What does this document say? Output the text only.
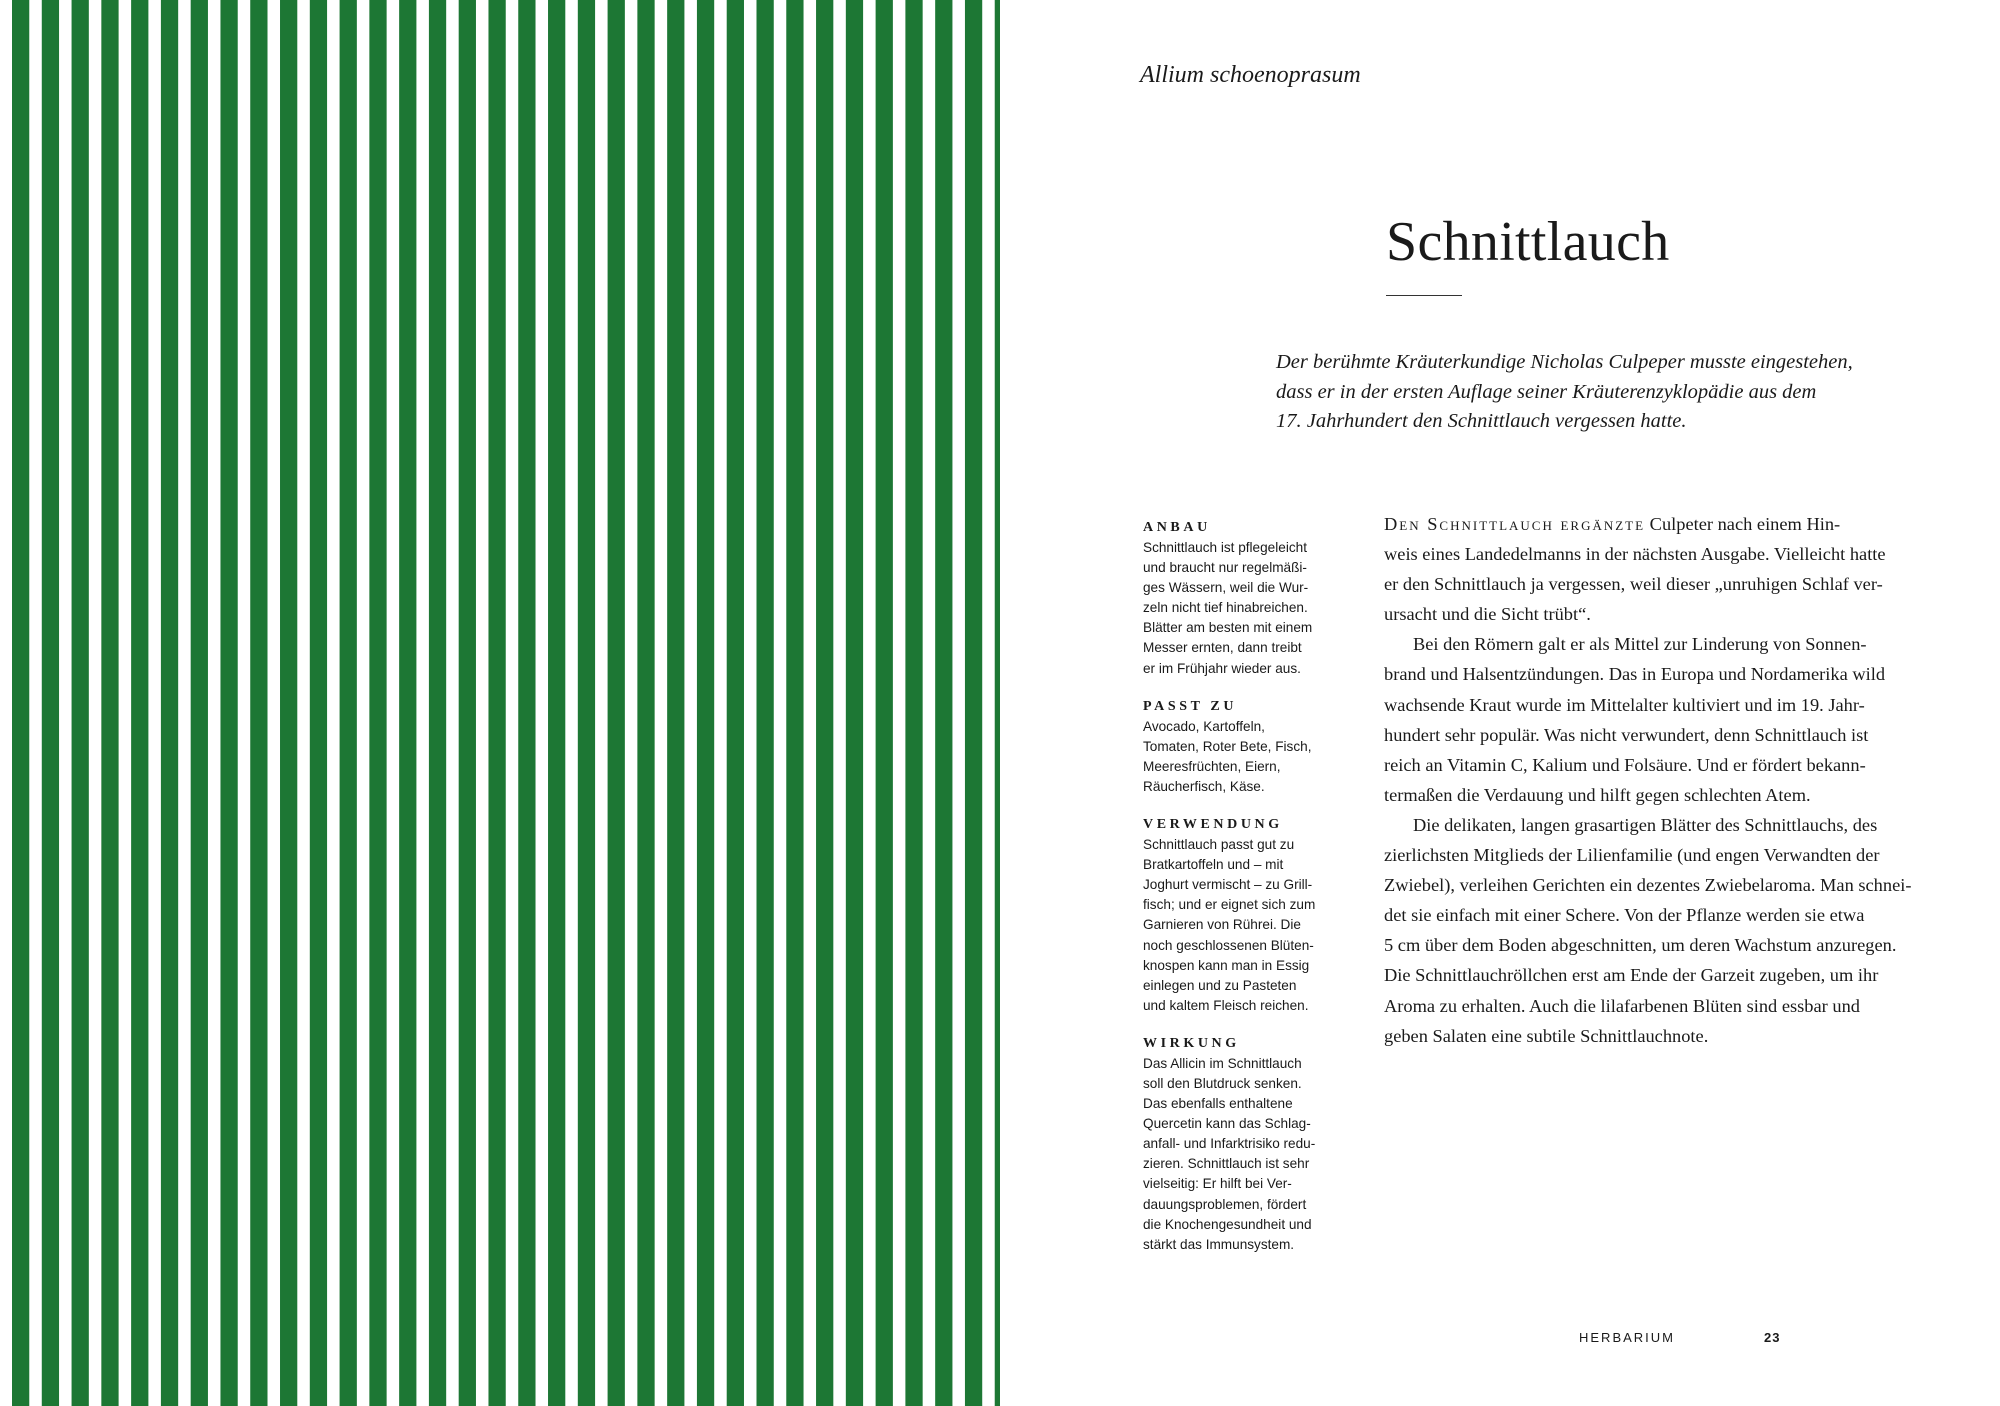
Allium schoenoprasum
Schnittlauch

Der berühmte Kräuterkundige Nicholas Culpeper musste eingestehen,
dass er in der ersten Auflage seiner Kräuterenzyklopädie aus dem
17. Jahrhundert den Schnittlauch vergessen hatte.

ANBAU
Schnittlauch ist pflegeleicht
und braucht nur regelmäßi-
ges Wässern, weil die Wur-
zeln nicht tief hinabreichen.
Blätter am besten mit einem
Messer ernten, dann treibt
er im Frühjahr wieder aus.
PASST ZU
Avocado, Kartoffeln,
Tomaten, Roter Bete, Fisch,
Meeresfrüchten, Eiern,
Räucherfisch, Käse.
VERWENDUNG
Schnittlauch passt gut zu
Bratkartoffeln und – mit
Joghurt vermischt – zu Grill-
fisch; und er eignet sich zum
Garnieren von Rührei. Die
noch geschlossenen Blüten-
knospen kann man in Essig
einlegen und zu Pasteten
und kaltem Fleisch reichen.
WIRKUNG
Das Allicin im Schnittlauch
soll den Blutdruck senken.
Das ebenfalls enthaltene
Quercetin kann das Schlag-
anfall- und Infarktrisiko redu-
zieren. Schnittlauch ist sehr
vielseitig: Er hilft bei Ver-
dauungsproblemen, fördert
die Knochengesundheit und
stärkt das Immunsystem.
Den Schnittlauch ergänzte Culpeter nach einem Hin-
weis eines Landedelmanns in der nächsten Ausgabe. Vielleicht hatte
er den Schnittlauch ja vergessen, weil dieser „unruhigen Schlaf ver-
ursacht und die Sicht trübt“.
Bei den Römern galt er als Mittel zur Linderung von Sonnen-
brand und Halsentzündungen. Das in Europa und Nordamerika wild
wachsende Kraut wurde im Mittelalter kultiviert und im 19. Jahr-
hundert sehr populär. Was nicht verwundert, denn Schnittlauch ist
reich an Vitamin C, Kalium und Folsäure. Und er fördert bekann-
termaßen die Verdauung und hilft gegen schlechten Atem.
Die delikaten, langen grasartigen Blätter des Schnittlauchs, des
zierlichsten Mitglieds der Lilienfamilie (und engen Verwandten der
Zwiebel), verleihen Gerichten ein dezentes Zwiebelaroma. Man schnei-
det sie einfach mit einer Schere. Von der Pflanze werden sie etwa
5 cm über dem Boden abgeschnitten, um deren Wachstum anzuregen.
Die Schnittlauchröllchen erst am Ende der Garzeit zugeben, um ihr
Aroma zu erhalten. Auch die lilafarbenen Blüten sind essbar und
geben Salaten eine subtile Schnittlauchnote.
HERBARIUM	23
